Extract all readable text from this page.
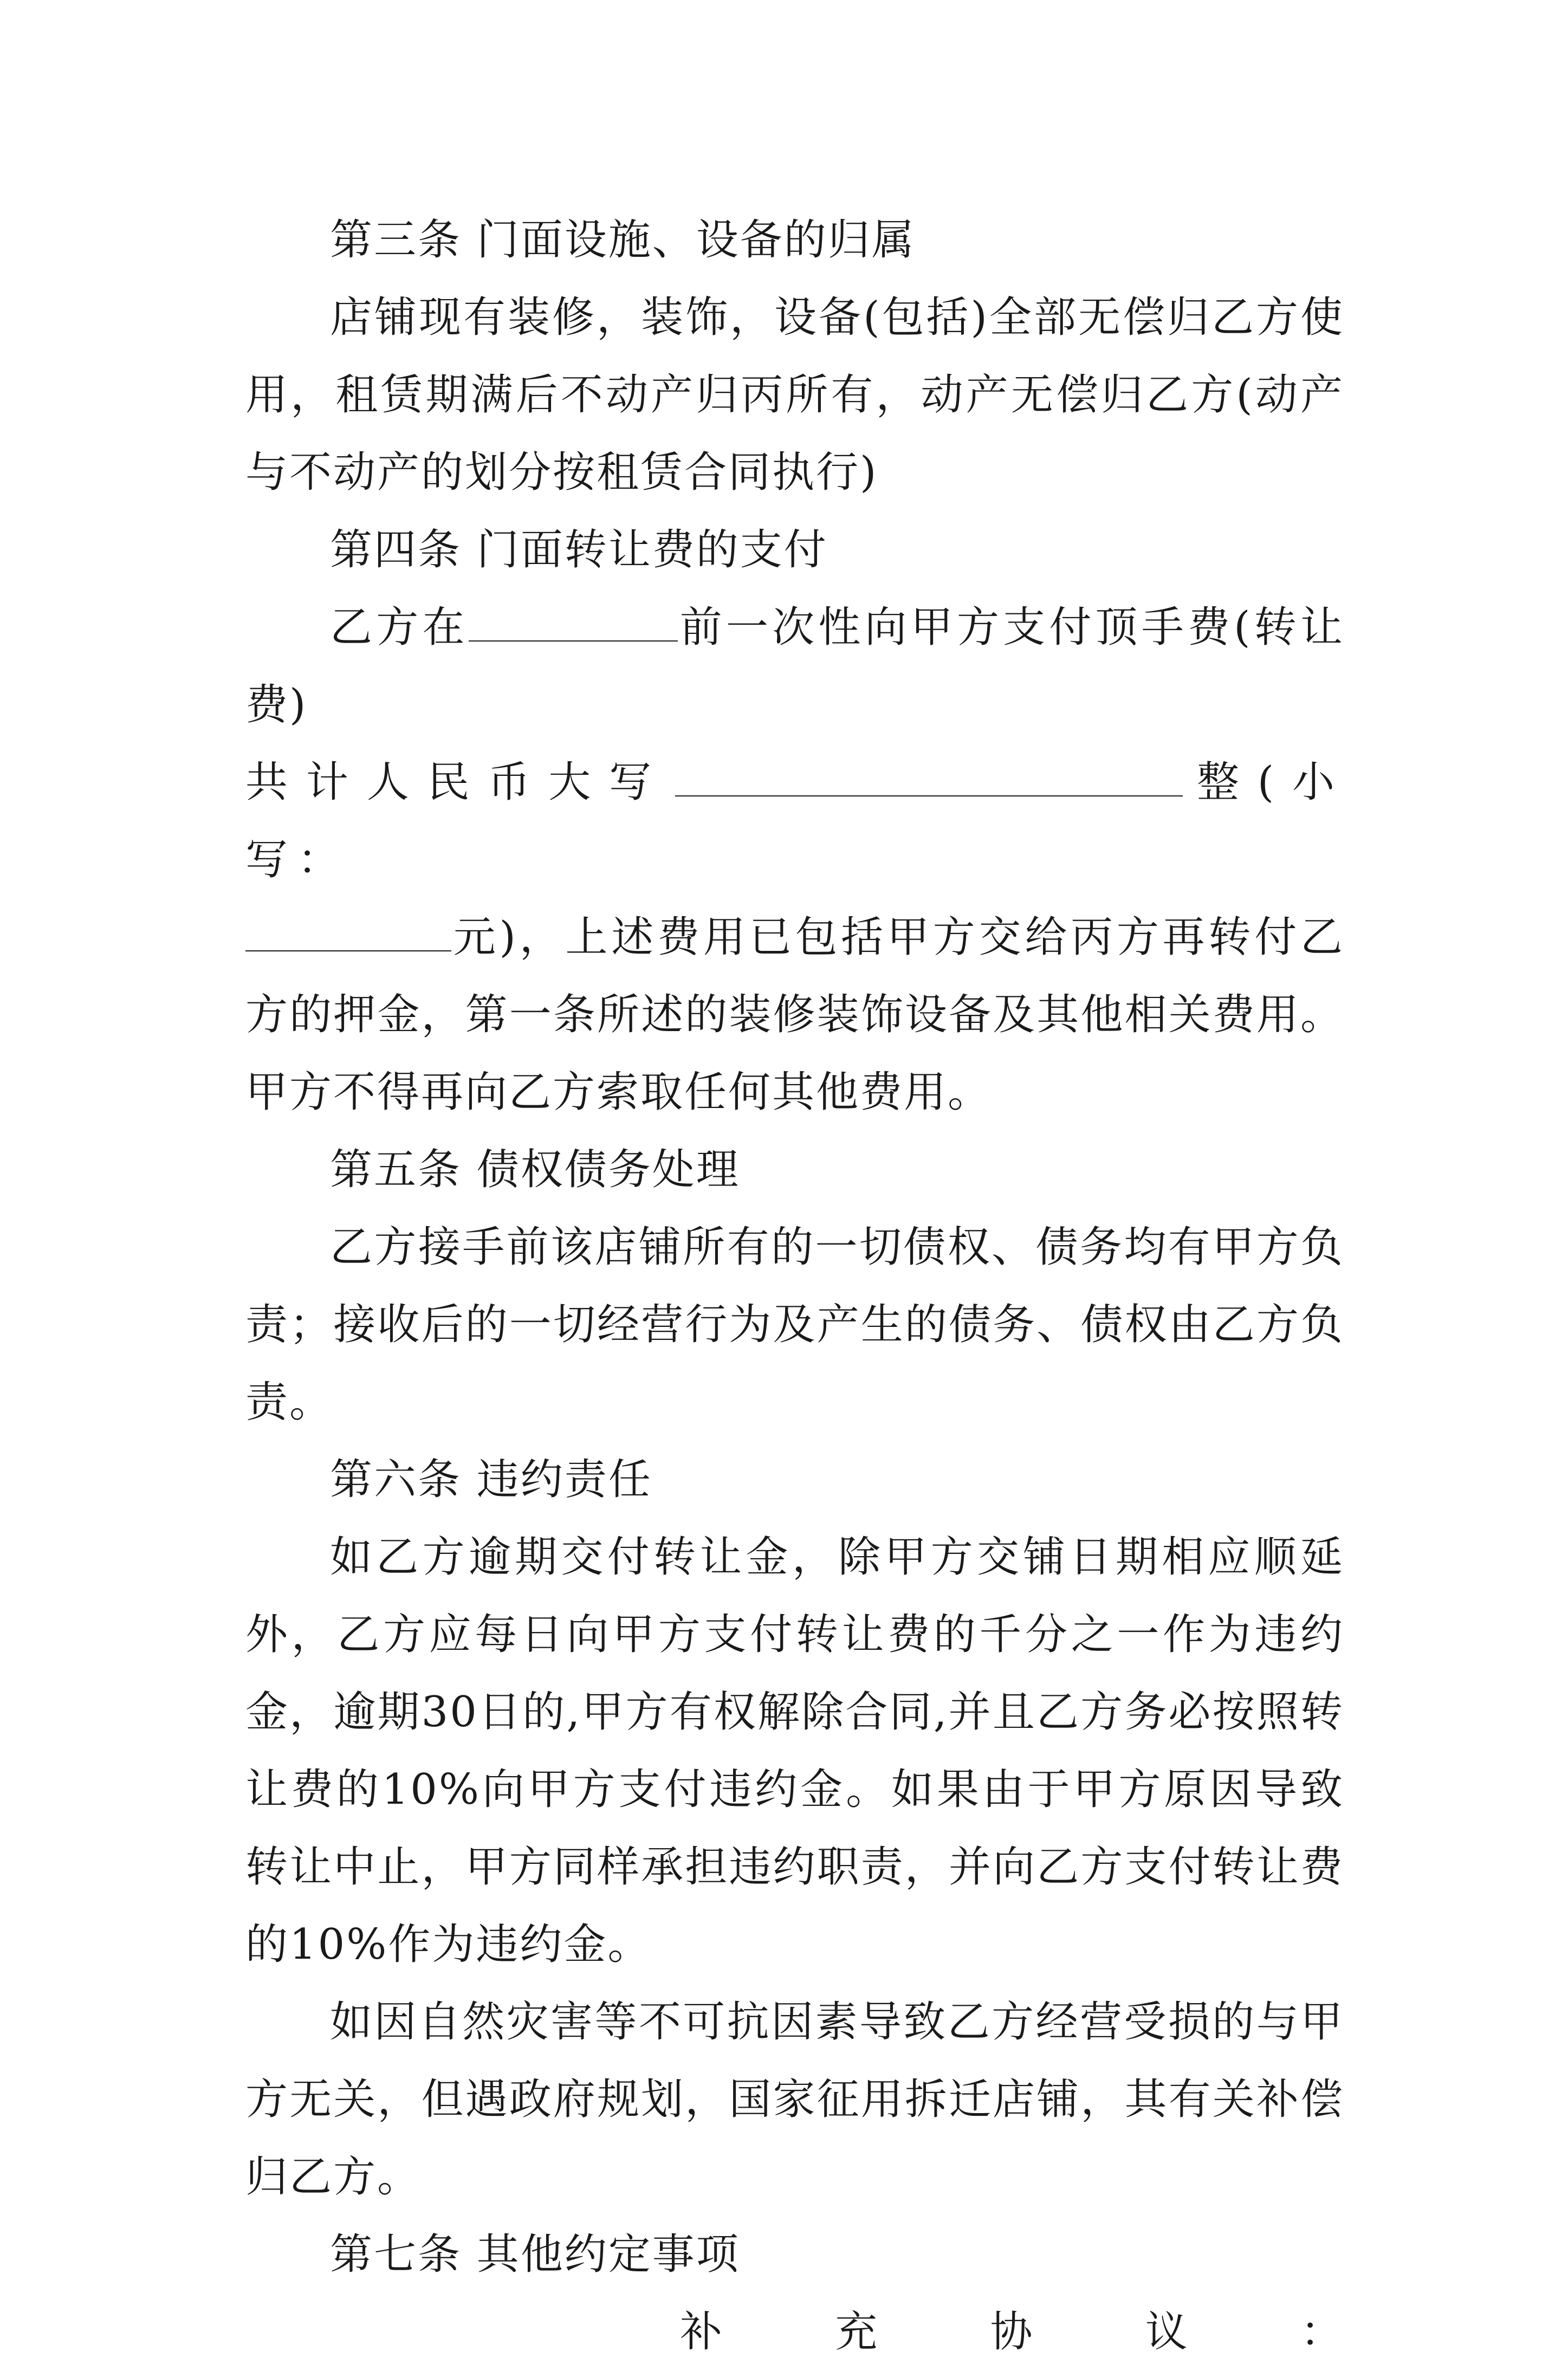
第三条 门面设施、设备的归属

店铺现有装修，装饰，设备(包括)全部无偿归乙方使用，租赁期满后不动产归丙所有，动产无偿归乙方(动产与不动产的划分按租赁合同执行)

第四条 门面转让费的支付

乙方在	前一次性向甲方支付顶手费(转让费)
共计人民币大写	整(小写：
元)，上述费用已包括甲方交给丙方再转付乙方的押金，第一条所述的装修装饰设备及其他相关费用。甲方不得再向乙方索取任何其他费用。

第五条 债权债务处理

乙方接手前该店铺所有的一切债权、债务均有甲方负责；接收后的一切经营行为及产生的债务、债权由乙方负责。

第六条 违约责任

如乙方逾期交付转让金，除甲方交铺日期相应顺延外，乙方应每日向甲方支付转让费的千分之一作为违约金，逾期30日的,甲方有权解除合同,并且乙方务必按照转让费的10%向甲方支付违约金。如果由于甲方原因导致转让中止，甲方同样承担违约职责，并向乙方支付转让费的10%作为违约金。

如因自然灾害等不可抗因素导致乙方经营受损的与甲方无关，但遇政府规划，国家征用拆迁店铺，其有关补偿归乙方。

第七条 其他约定事项

补	充	协	议	：
